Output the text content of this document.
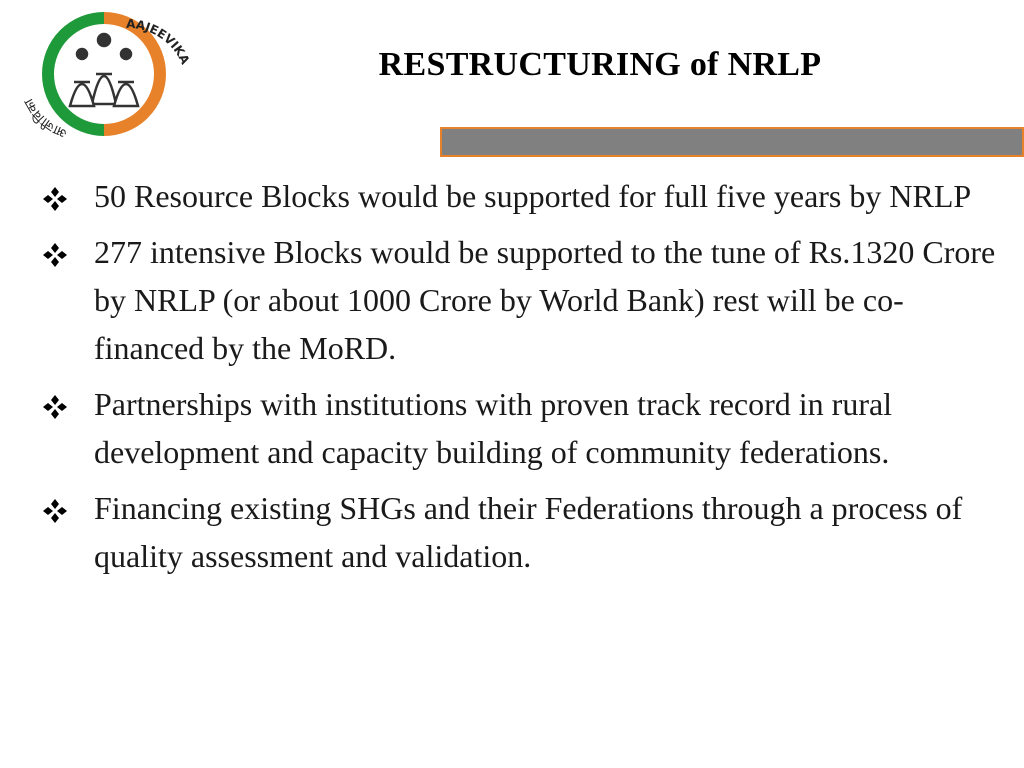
AAJEEVIKA
आजीविका
RESTRUCTURING of NRLP
50 Resource Blocks would be supported for full five years by NRLP
277 intensive Blocks would be supported to the tune of Rs.1320 Crore by NRLP (or about 1000 Crore by World Bank) rest will be co-financed by the MoRD.
Partnerships with institutions with proven track record in rural development and capacity building of community federations.
Financing existing SHGs and their Federations through a process of quality assessment and validation.
